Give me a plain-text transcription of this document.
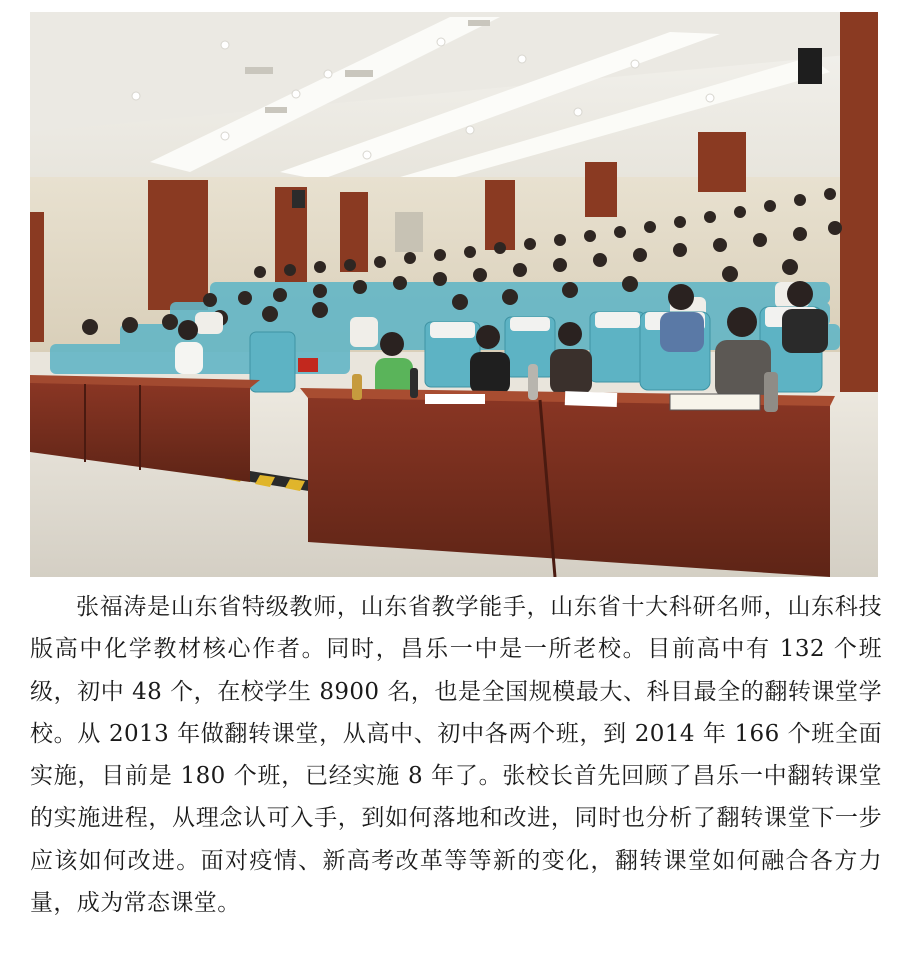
张福涛是山东省特级教师，山东省教学能手，山东省十大科研名师，山东科技版高中化学教材核心作者。同时，昌乐一中是一所老校。目前高中有 132 个班级，初中 48 个，在校学生 8900 名，也是全国规模最大、科目最全的翻转课堂学校。从 2013 年做翻转课堂，从高中、初中各两个班，到 2014 年 166 个班全面实施，目前是 180 个班，已经实施 8 年了。张校长首先回顾了昌乐一中翻转课堂的实施进程，从理念认可入手，到如何落地和改进，同时也分析了翻转课堂下一步应该如何改进。面对疫情、新高考改革等等新的变化，翻转课堂如何融合各方力量，成为常态课堂。
